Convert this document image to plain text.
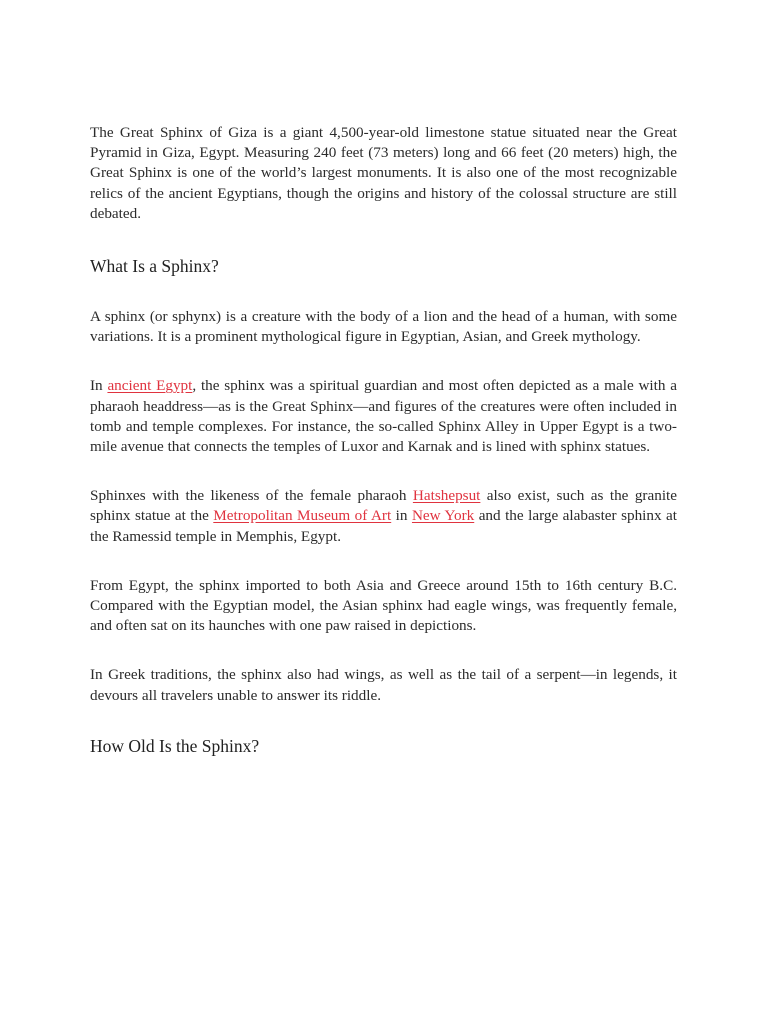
The Great Sphinx of Giza is a giant 4,500-year-old limestone statue situated near the Great Pyramid in Giza, Egypt. Measuring 240 feet (73 meters) long and 66 feet (20 meters) high, the Great Sphinx is one of the world’s largest monuments. It is also one of the most recognizable relics of the ancient Egyptians, though the origins and history of the colossal structure are still debated.

What Is a Sphinx?

A sphinx (or sphynx) is a creature with the body of a lion and the head of a human, with some variations. It is a prominent mythological figure in Egyptian, Asian, and Greek mythology.

In ancient Egypt, the sphinx was a spiritual guardian and most often depicted as a male with a pharaoh headdress—as is the Great Sphinx—and figures of the creatures were often included in tomb and temple complexes. For instance, the so-called Sphinx Alley in Upper Egypt is a two-mile avenue that connects the temples of Luxor and Karnak and is lined with sphinx statues.

Sphinxes with the likeness of the female pharaoh Hatshepsut also exist, such as the granite sphinx statue at the Metropolitan Museum of Art in New York and the large alabaster sphinx at the Ramessid temple in Memphis, Egypt.

From Egypt, the sphinx imported to both Asia and Greece around 15th to 16th century B.C. Compared with the Egyptian model, the Asian sphinx had eagle wings, was frequently female, and often sat on its haunches with one paw raised in depictions.

In Greek traditions, the sphinx also had wings, as well as the tail of a serpent—in legends, it devours all travelers unable to answer its riddle.

How Old Is the Sphinx?
